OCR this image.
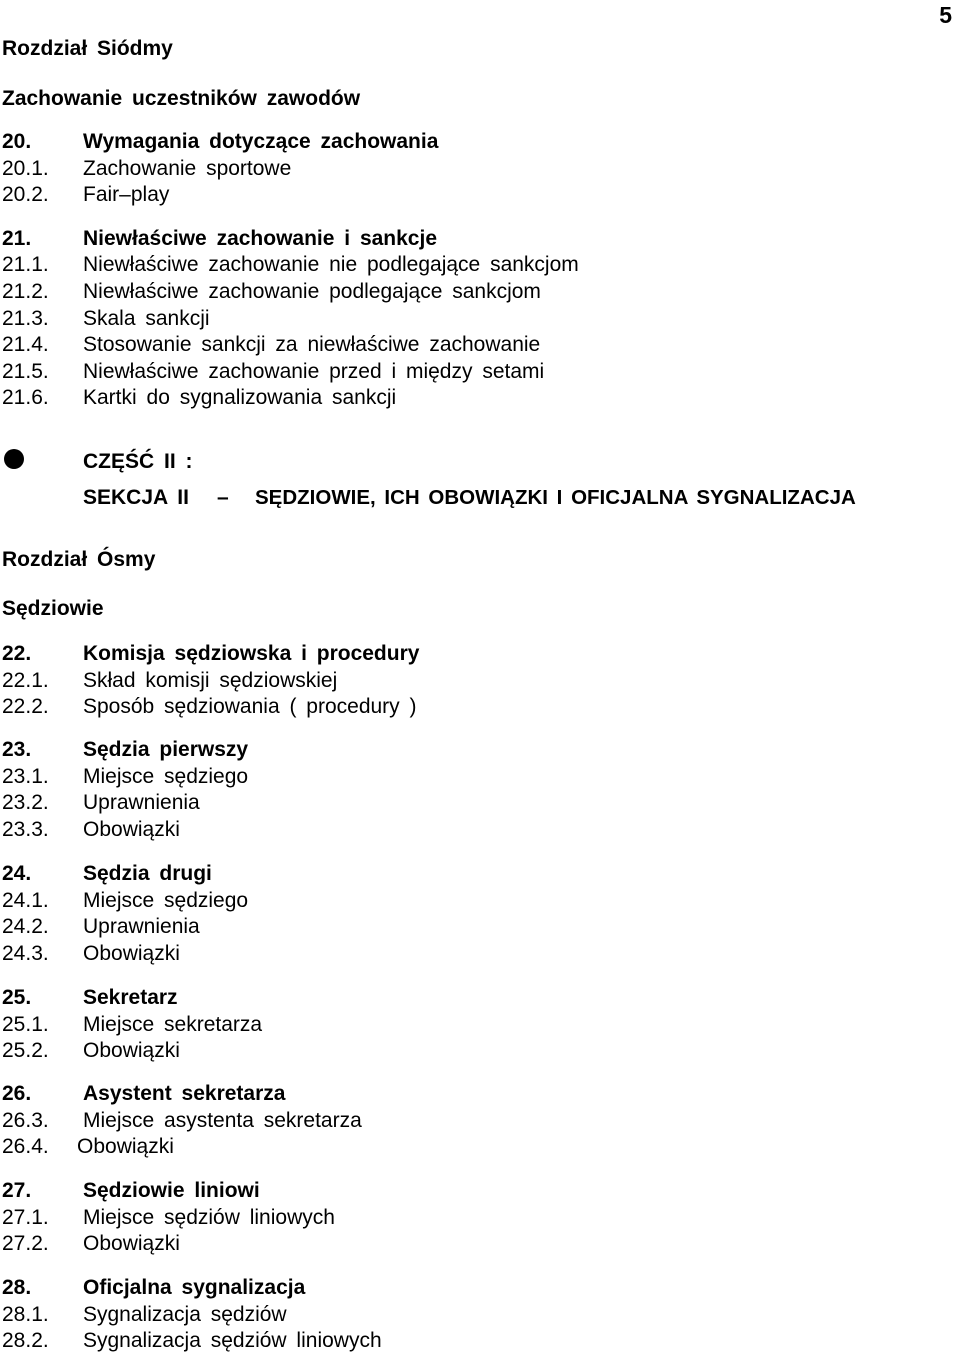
5
Rozdział Siódmy
Zachowanie uczestników zawodów
20. Wymagania dotyczące zachowania
20.1. Zachowanie sportowe
20.2. Fair–play
21. Niewłaściwe zachowanie i sankcje
21.1. Niewłaściwe zachowanie nie podlegające sankcjom
21.2. Niewłaściwe zachowanie podlegające sankcjom
21.3. Skala sankcji
21.4. Stosowanie sankcji za niewłaściwe zachowanie
21.5. Niewłaściwe zachowanie przed i między setami
21.6. Kartki do sygnalizowania sankcji
CZĘŚĆ II :
SEKCJA II – SĘDZIOWIE, ICH OBOWIĄZKI I OFICJALNA SYGNALIZACJA
Rozdział Ósmy
Sędziowie
22. Komisja sędziowska i procedury
22.1. Skład komisji sędziowskiej
22.2. Sposób sędziowania ( procedury )
23. Sędzia pierwszy
23.1. Miejsce sędziego
23.2. Uprawnienia
23.3. Obowiązki
24. Sędzia drugi
24.1. Miejsce sędziego
24.2. Uprawnienia
24.3. Obowiązki
25. Sekretarz
25.1. Miejsce sekretarza
25.2. Obowiązki
26. Asystent sekretarza
26.3. Miejsce asystenta sekretarza
26.4. Obowiązki
27. Sędziowie liniowi
27.1. Miejsce sędziów liniowych
27.2. Obowiązki
28. Oficjalna sygnalizacja
28.1. Sygnalizacja sędziów
28.2. Sygnalizacja sędziów liniowych
